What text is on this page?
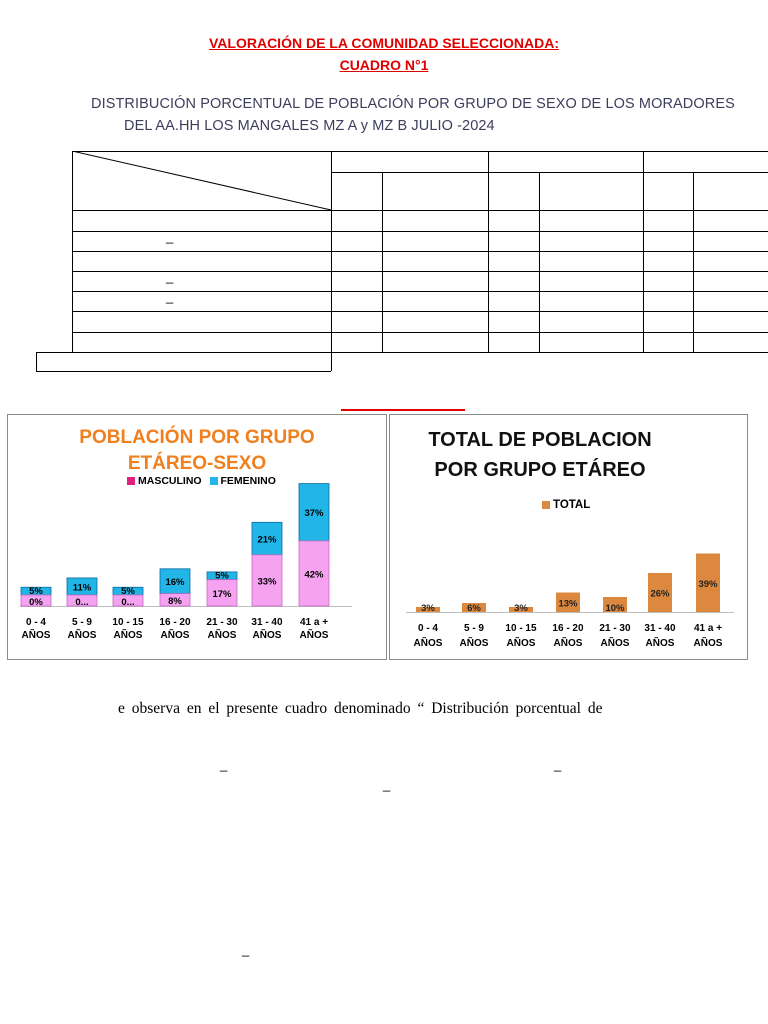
VALORACIÓN DE LA COMUNIDAD SELECCIONADA:
CUADRO N°1
DISTRIBUCIÓN PORCENTUAL DE POBLACIÓN POR GRUPO DE SEXO DE LOS MORADORES
DEL AA.HH LOS MANGALES MZ A y MZ B JULIO -2024
_
_
_
POBLACIÓN POR GRUPO
ETÁREO-SEXO
MASCULINO FEMENINO
0%
5%
0 - 4
AÑOS
0...
11%
5 - 9
AÑOS
0...
5%
10 - 15
AÑOS
8%
16%
16 - 20
AÑOS
17%
5%
21 - 30
AÑOS
33%
21%
31 - 40
AÑOS
42%
37%
41 a +
AÑOS
TOTAL DE POBLACION
POR GRUPO ETÁREO
TOTAL
3%
0 - 4
AÑOS
6%
5 - 9
AÑOS
3%
10 - 15
AÑOS
13%
16 - 20
AÑOS
10%
21 - 30
AÑOS
26%
31 - 40
AÑOS
39%
41 a +
AÑOS
e observa en el presente cuadro denominado “ Distribución porcentual de
_	_
_
_
